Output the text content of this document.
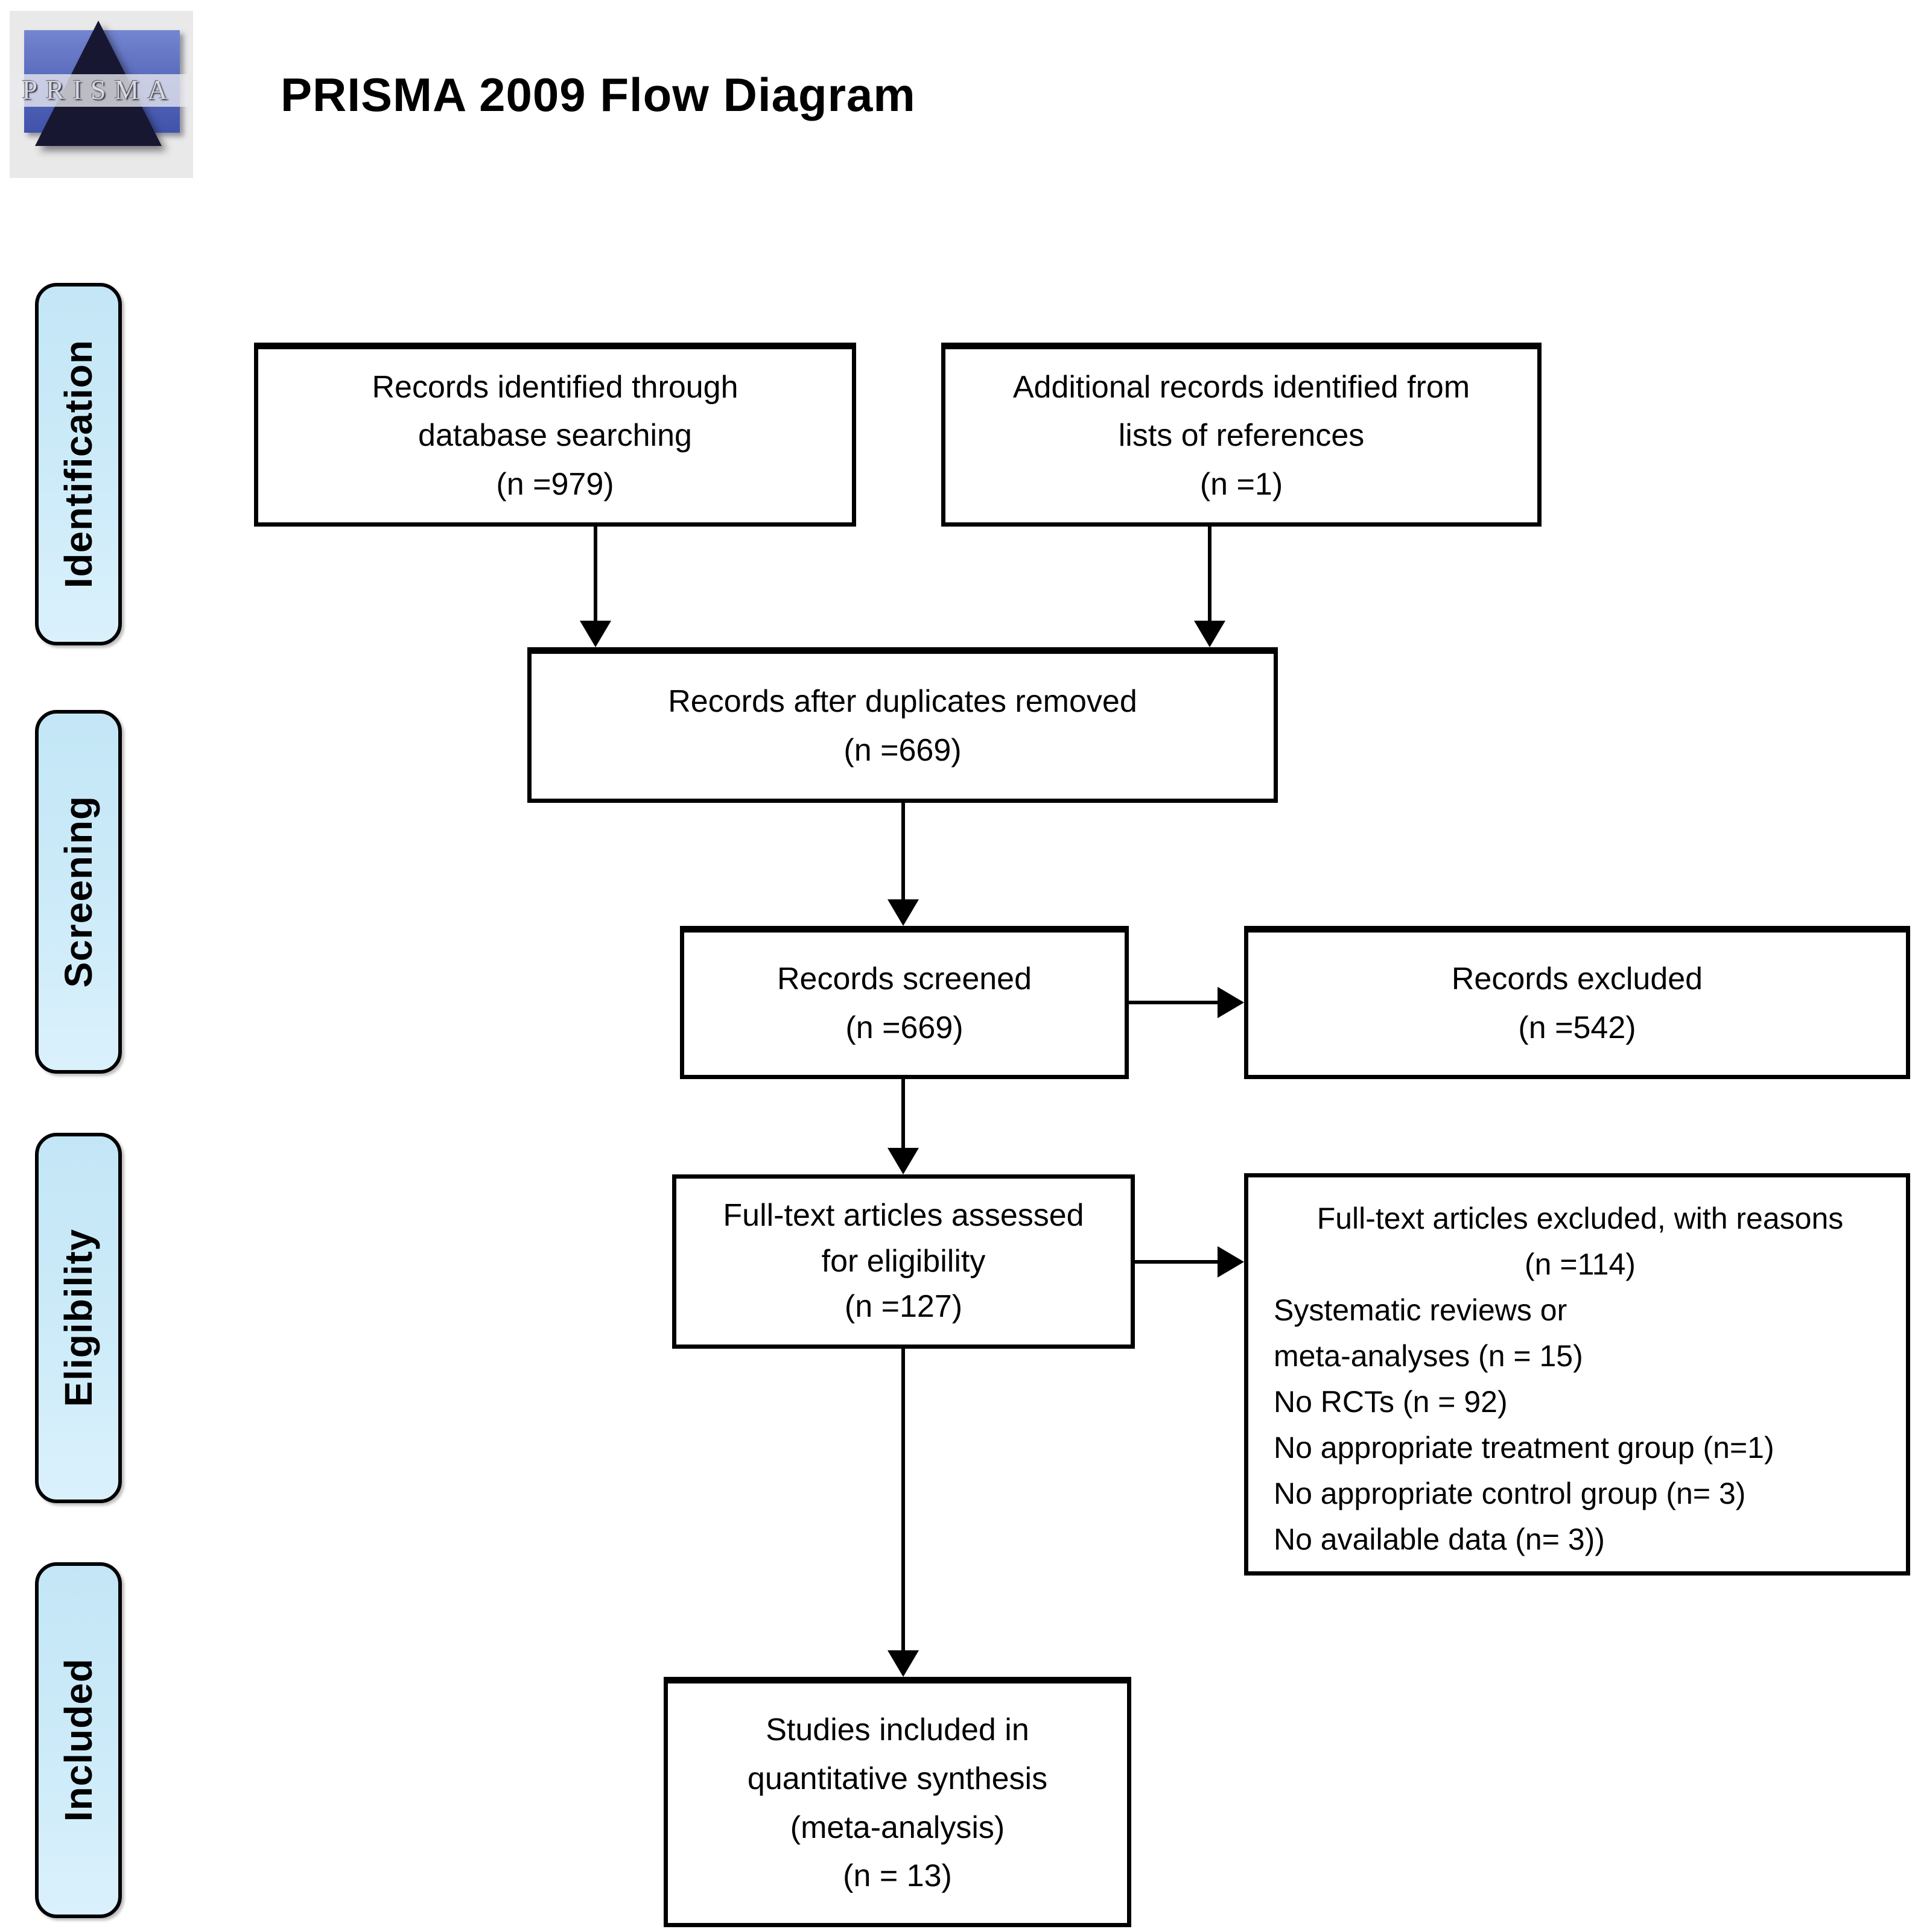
PRISMA PRISMA 2009 Flow Diagram
Identification
Screening
Eligibility
Included
Records identified through
database searching
(n =979)
Additional records identified from
lists of references
(n =1)
Records after duplicates removed
(n =669)
Records screened
(n =669)
Records excluded
(n =542)
Full-text articles assessed
for eligibility
(n =127)
Full-text articles excluded, with reasons
(n =114)
Systematic reviews or
meta-analyses (n = 15)
No RCTs (n = 92)
No appropriate treatment group (n=1)
No appropriate control group (n= 3)
No available data (n= 3))
Studies included in
quantitative synthesis
(meta-analysis)
(n = 13)
